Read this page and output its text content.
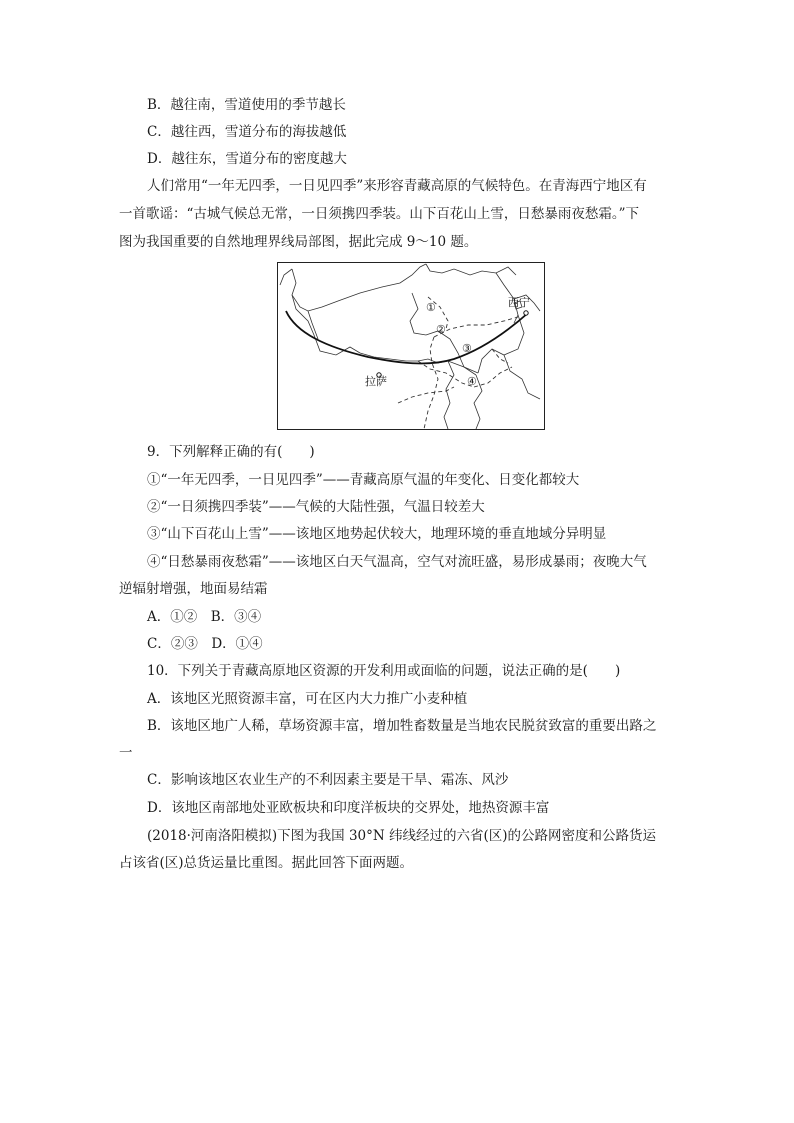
B．越往南，雪道使用的季节越长
C．越往西，雪道分布的海拔越低
D．越往东，雪道分布的密度越大
人们常用“一年无四季，一日见四季”来形容青藏高原的气候特色。在青海西宁地区有
一首歌谣：“古城气候总无常，一日须携四季装。山下百花山上雪，日愁暴雨夜愁霜。”下
图为我国重要的自然地理界线局部图，据此完成 9～10 题。
西宁
拉萨
①
②
③
④
9．下列解释正确的有(　　)
①“一年无四季，一日见四季”——青藏高原气温的年变化、日变化都较大
②“一日须携四季装”——气候的大陆性强，气温日较差大
③“山下百花山上雪”——该地区地势起伏较大，地理环境的垂直地域分异明显
④“日愁暴雨夜愁霜”——该地区白天气温高，空气对流旺盛，易形成暴雨；夜晚大气
逆辐射增强，地面易结霜
A．①②　B．③④
C．②③　D．①④
10．下列关于青藏高原地区资源的开发利用或面临的问题，说法正确的是(　　)
A．该地区光照资源丰富，可在区内大力推广小麦种植
B．该地区地广人稀，草场资源丰富，增加牲畜数量是当地农民脱贫致富的重要出路之
一
C．影响该地区农业生产的不利因素主要是干旱、霜冻、风沙
D．该地区南部地处亚欧板块和印度洋板块的交界处，地热资源丰富
(2018·河南洛阳模拟)下图为我国 30°N 纬线经过的六省(区)的公路网密度和公路货运
占该省(区)总货运量比重图。据此回答下面两题。
